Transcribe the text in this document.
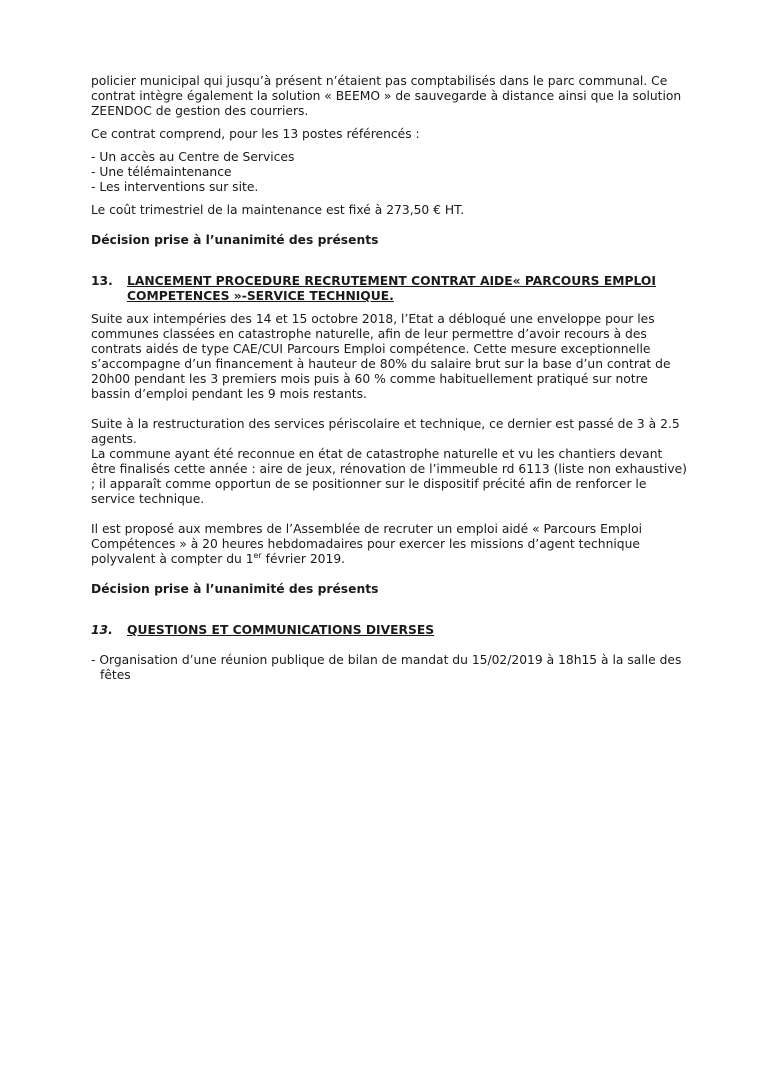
policier municipal qui jusqu’à présent n’étaient pas comptabilisés dans le parc communal. Ce contrat intègre également la solution « BEEMO » de sauvegarde à distance ainsi que la solution ZEENDOC de gestion des courriers.

Ce contrat comprend, pour les 13 postes référencés :

- Un accès au Centre de Services
- Une télémaintenance
- Les interventions sur site.

Le coût trimestriel de la maintenance est fixé à 273,50 € HT.

Décision prise à l’unanimité des présents

13.	LANCEMENT PROCEDURE RECRUTEMENT CONTRAT AIDE« PARCOURS EMPLOI COMPETENCES »-SERVICE TECHNIQUE.

Suite aux intempéries des 14 et 15 octobre 2018, l’Etat a débloqué une enveloppe pour les communes classées en catastrophe naturelle, afin de leur permettre d’avoir recours à des contrats aidés de type CAE/CUI Parcours Emploi compétence. Cette mesure exceptionnelle s’accompagne d’un financement à hauteur de 80% du salaire brut sur la base d’un contrat de 20h00 pendant les 3 premiers mois puis à 60 % comme habituellement pratiqué sur notre bassin d’emploi pendant les 9 mois restants.

Suite à la restructuration des services périscolaire et technique, ce dernier est passé de 3 à 2.5 agents.

La commune ayant été reconnue en état de catastrophe naturelle et vu les chantiers devant être finalisés cette année : aire de jeux, rénovation de l’immeuble rd 6113 (liste non exhaustive) ; il apparaît comme opportun de se positionner sur le dispositif précité afin de renforcer le service technique.

Il est proposé aux membres de l’Assemblée de recruter un emploi aidé « Parcours Emploi Compétences » à 20 heures hebdomadaires pour exercer les missions d’agent technique polyvalent à compter du 1er février 2019.

Décision prise à l’unanimité des présents

13.	QUESTIONS ET COMMUNICATIONS DIVERSES

- Organisation d’une réunion publique de bilan de mandat du 15/02/2019 à 18h15 à la salle des fêtes
